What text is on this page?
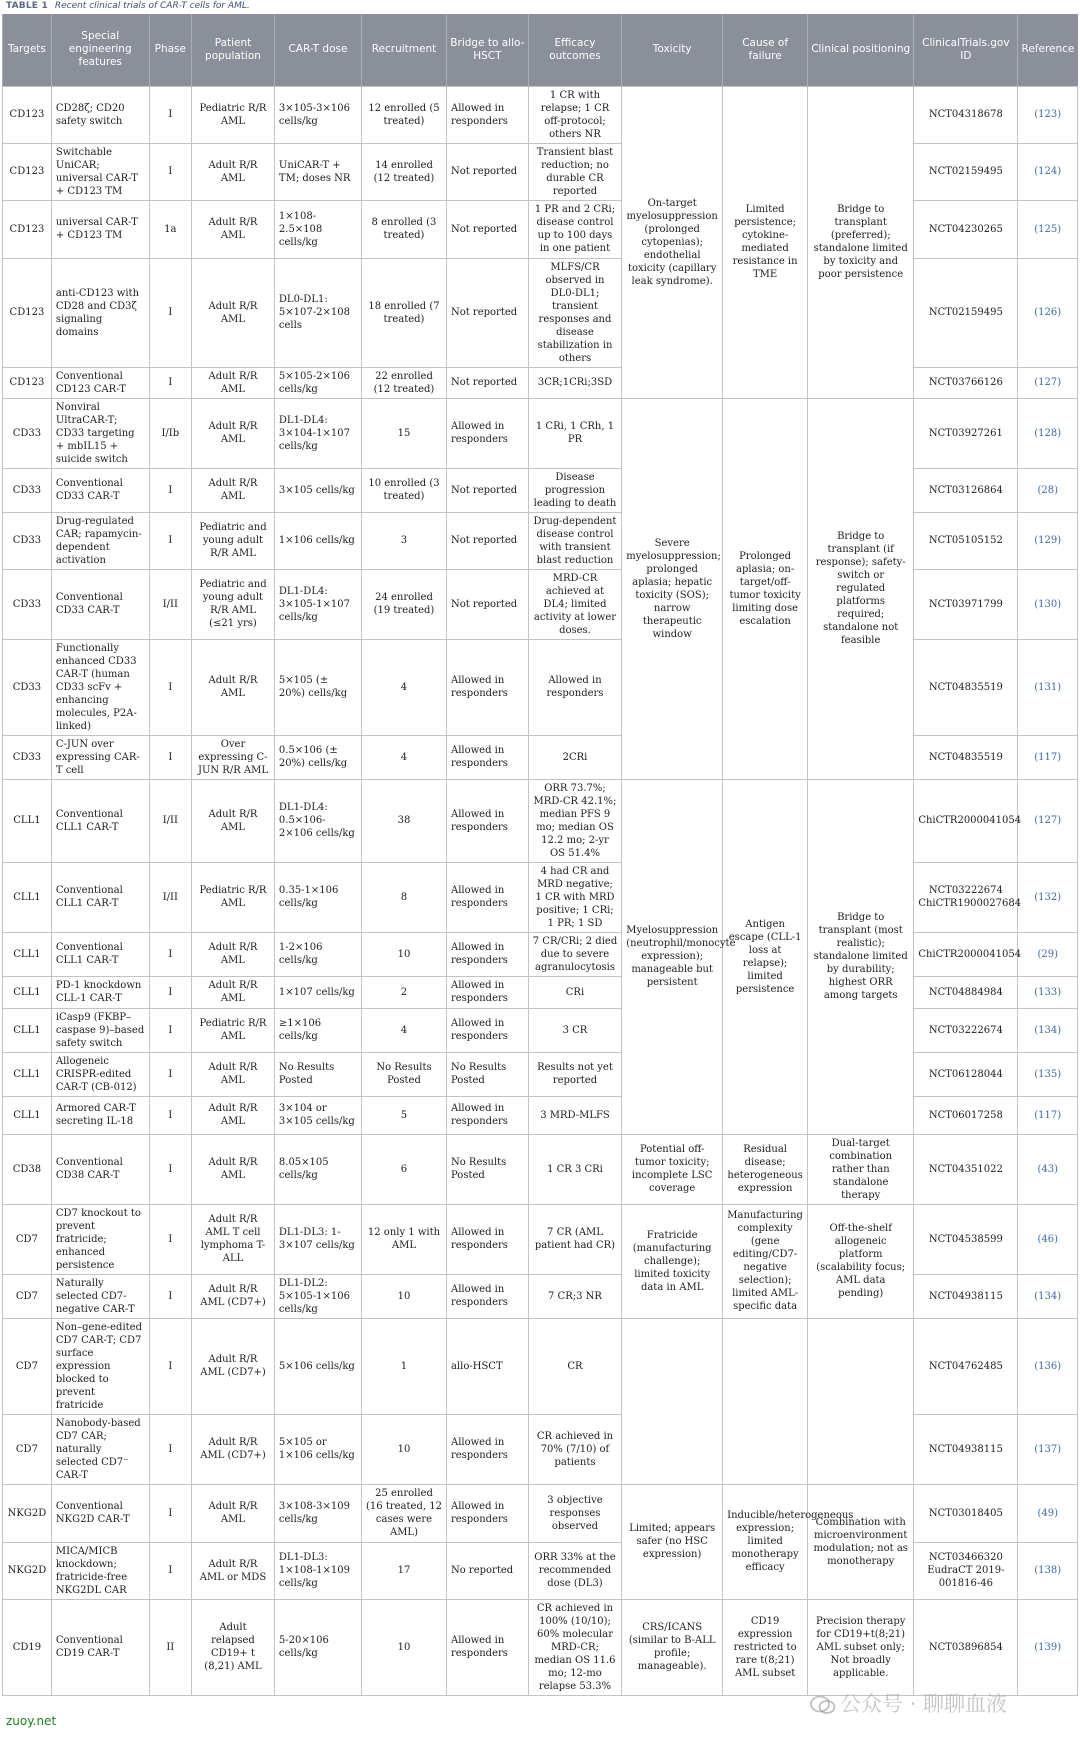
TABLE 1 Recent clinical trials of CAR-T cells for AML.
Targets	Special engineering features	Phase	Patient population	CAR-T dose	Recruitment	Bridge to allo-HSCT	Efficacy outcomes	Toxicity	Cause of failure	Clinical positioning	ClinicalTrials.gov ID	Reference
CD123	CD28ζ; CD20 safety switch	I	Pediatric R/R AML	3×105-3×106 cells/kg	12 enrolled (5 treated)	Allowed in responders	1 CR with relapse; 1 CR off-protocol; others NR	On-target myelosuppression (prolonged cytopenias); endothelial toxicity (capillary leak syndrome).	Limited persistence; cytokine-mediated resistance in TME	Bridge to transplant (preferred); standalone limited by toxicity and poor persistence	NCT04318678	(123)
CD123	Switchable UniCAR; universal CAR-T + CD123 TM	I	Adult R/R AML	UniCAR-T + TM; doses NR	14 enrolled (12 treated)	Not reported	Transient blast reduction; no durable CR reported				NCT02159495	(124)
CD123	universal CAR-T + CD123 TM	1a	Adult R/R AML	1×108-2.5×108 cells/kg	8 enrolled (3 treated)	Not reported	1 PR and 2 CRi; disease control up to 100 days in one patient				NCT04230265	(125)
CD123	anti-CD123 with CD28 and CD3ζ signaling domains	I	Adult R/R AML	DL0-DL1: 5×107-2×108 cells	18 enrolled (7 treated)	Not reported	MLFS/CR observed in DL0-DL1; transient responses and disease stabilization in others				NCT02159495	(126)
CD123	Conventional CD123 CAR-T	I	Adult R/R AML	5×105-2×106 cells/kg	22 enrolled (12 treated)	Not reported	3CR;1CRi;3SD				NCT03766126	(127)
CD33	Nonviral UltraCAR-T; CD33 targeting + mbIL15 + suicide switch	I/Ib	Adult R/R AML	DL1-DL4: 3×104-1×107 cells/kg	15	Allowed in responders	1 CRi, 1 CRh, 1 PR	Severe myelosuppression; prolonged aplasia; hepatic toxicity (SOS); narrow therapeutic window	Prolonged aplasia; on-target/off-tumor toxicity limiting dose escalation	Bridge to transplant (if response); safety-switch or regulated platforms required; standalone not feasible	NCT03927261	(128)
CD33	Conventional CD33 CAR-T	I	Adult R/R AML	3×105 cells/kg	10 enrolled (3 treated)	Not reported	Disease progression leading to death				NCT03126864	(28)
CD33	Drug-regulated CAR; rapamycin-dependent activation	I	Pediatric and young adult R/R AML	1×106 cells/kg	3	Not reported	Drug-dependent disease control with transient blast reduction				NCT05105152	(129)
CD33	Conventional CD33 CAR-T	I/II	Pediatric and young adult R/R AML (≤21 yrs)	DL1-DL4: 3×105-1×107 cells/kg	24 enrolled (19 treated)	Not reported	MRD-CR achieved at DL4; limited activity at lower doses.				NCT03971799	(130)
CD33	Functionally enhanced CD33 CAR-T (human CD33 scFv + enhancing molecules, P2A-linked)	I	Adult R/R AML	5×105 (± 20%) cells/kg	4	Allowed in responders	Allowed in responders				NCT04835519	(131)
CD33	C-JUN over expressing CAR-T cell	I	Over expressing C-JUN R/R AML	0.5×106 (± 20%) cells/kg	4	Allowed in responders	2CRi				NCT04835519	(117)
CLL1	Conventional CLL1 CAR-T	I/II	Adult R/R AML	DL1-DL4: 0.5×106-2×106 cells/kg	38	Allowed in responders	ORR 73.7%; MRD-CR 42.1%; median PFS 9 mo; median OS 12.2 mo; 2-yr OS 51.4%	Myelosuppression (neutrophil/monocyte expression); manageable but persistent	Antigen escape (CLL-1 loss at relapse); limited persistence	Bridge to transplant (most realistic); standalone limited by durability; highest ORR among targets	ChiCTR2000041054	(127)
CLL1	Conventional CLL1 CAR-T	I/II	Pediatric R/R AML	0.35-1×106 cells/kg	8	Allowed in responders	4 had CR and MRD negative; 1 CR with MRD positive; 1 CRi; 1 PR; 1 SD				NCT03222674 ChiCTR1900027684	(132)
CLL1	Conventional CLL1 CAR-T	I	Adult R/R AML	1-2×106 cells/kg	10	Allowed in responders	7 CR/CRi; 2 died due to severe agranulocytosis				ChiCTR2000041054	(29)
CLL1	PD-1 knockdown CLL-1 CAR-T	I	Adult R/R AML	1×107 cells/kg	2	Allowed in responders	CRi				NCT04884984	(133)
CLL1	iCasp9 (FKBP–caspase 9)–based safety switch	I	Pediatric R/R AML	≥1×106 cells/kg	4	Allowed in responders	3 CR				NCT03222674	(134)
CLL1	Allogeneic CRISPR-edited CAR-T (CB-012)	I	Adult R/R AML	No Results Posted	No Results Posted	No Results Posted	Results not yet reported				NCT06128044	(135)
CLL1	Armored CAR-T secreting IL-18	I	Adult R/R AML	3×104 or 3×105 cells/kg	5	Allowed in responders	3 MRD-MLFS				NCT06017258	(117)
CD38	Conventional CD38 CAR-T	I	Adult R/R AML	8.05×105 cells/kg	6	No Results Posted	1 CR 3 CRi	Potential off-tumor toxicity; incomplete LSC coverage	Residual disease; heterogeneous expression	Dual-target combination rather than standalone therapy	NCT04351022	(43)
CD7	CD7 knockout to prevent fratricide; enhanced persistence	I	Adult R/R AML T cell lymphoma T-ALL	DL1-DL3: 1-3×107 cells/kg	12 only 1 with AML	Allowed in responders	7 CR (AML patient had CR)	Fratricide (manufacturing challenge); limited toxicity data in AML	Manufacturing complexity (gene editing/CD7-negative selection); limited AML-specific data	Off-the-shelf allogeneic platform (scalability focus; AML data pending)	NCT04538599	(46)
CD7	Naturally selected CD7-negative CAR-T	I	Adult R/R AML (CD7+)	DL1-DL2: 5×105-1×106 cells/kg	10	Allowed in responders	7 CR;3 NR				NCT04938115	(134)
CD7	Non–gene-edited CD7 CAR-T; CD7 surface expression blocked to prevent fratricide	I	Adult R/R AML (CD7+)	5×106 cells/kg	1	allo-HSCT	CR				NCT04762485	(136)
CD7	Nanobody-based CD7 CAR; naturally selected CD7⁻ CAR-T	I	Adult R/R AML (CD7+)	5×105 or 1×106 cells/kg	10	Allowed in responders	CR achieved in 70% (7/10) of patients				NCT04938115	(137)
NKG2D	Conventional NKG2D CAR-T	I	Adult R/R AML	3×108-3×109 cells/kg	25 enrolled (16 treated, 12 cases were AML)	Allowed in responders	3 objective responses observed	Limited; appears safer (no HSC expression)	Inducible/heterogeneous expression; limited monotherapy efficacy	Combination with microenvironment modulation; not as monotherapy	NCT03018405	(49)
NKG2D	MICA/MICB knockdown; fratricide-free NKG2DL CAR	I	Adult R/R AML or MDS	DL1-DL3: 1×108-1×109 cells/kg	17	No reported	ORR 33% at the recommended dose (DL3)				NCT03466320 EudraCT 2019-001816-46	(138)
CD19	Conventional CD19 CAR-T	II	Adult relapsed CD19+ t (8,21) AML	5-20×106 cells/kg	10	Allowed in responders	CR achieved in 100% (10/10); 60% molecular MRD-CR; median OS 11.6 mo; 12-mo relapse 53.3%	CRS/ICANS (similar to B-ALL profile; manageable).	CD19 expression restricted to rare t(8;21) AML subset	Precision therapy for CD19+t(8;21) AML subset only; Not broadly applicable.	NCT03896854	(139)
zuoy.net
公众号 · 聊聊血液
